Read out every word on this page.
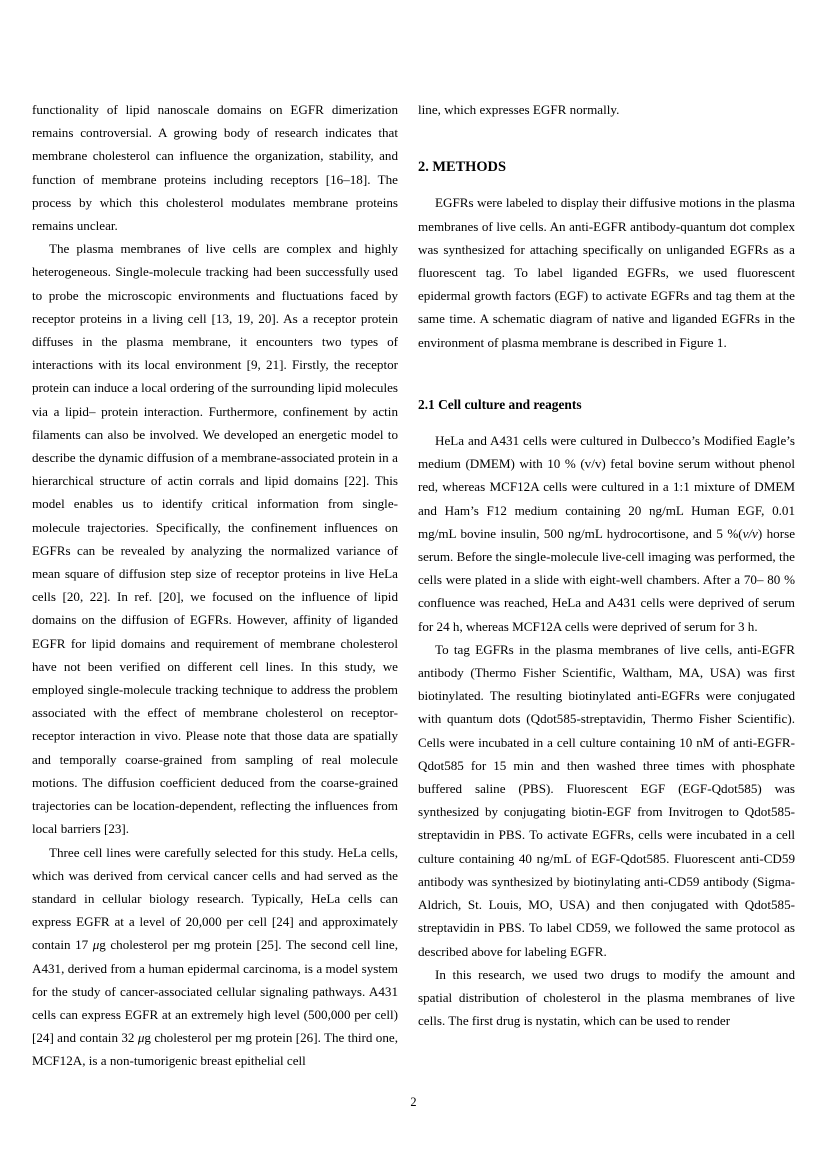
functionality of lipid nanoscale domains on EGFR dimerization remains controversial. A growing body of research indicates that membrane cholesterol can influence the organization, stability, and function of membrane proteins including receptors [16–18]. The process by which this cholesterol modulates membrane proteins remains unclear.

The plasma membranes of live cells are complex and highly heterogeneous. Single-molecule tracking had been successfully used to probe the microscopic environments and fluctuations faced by receptor proteins in a living cell [13, 19, 20]. As a receptor protein diffuses in the plasma membrane, it encounters two types of interactions with its local environment [9, 21]. Firstly, the receptor protein can induce a local ordering of the surrounding lipid molecules via a lipid– protein interaction. Furthermore, confinement by actin filaments can also be involved. We developed an energetic model to describe the dynamic diffusion of a membrane-associated protein in a hierarchical structure of actin corrals and lipid domains [22]. This model enables us to identify critical information from single-molecule trajectories. Specifically, the confinement influences on EGFRs can be revealed by analyzing the normalized variance of mean square of diffusion step size of receptor proteins in live HeLa cells [20, 22]. In ref. [20], we focused on the influence of lipid domains on the diffusion of EGFRs. However, affinity of liganded EGFR for lipid domains and requirement of membrane cholesterol have not been verified on different cell lines. In this study, we employed single-molecule tracking technique to address the problem associated with the effect of membrane cholesterol on receptor-receptor interaction in vivo. Please note that those data are spatially and temporally coarse-grained from sampling of real molecule motions. The diffusion coefficient deduced from the coarse-grained trajectories can be location-dependent, reflecting the influences from local barriers [23].

Three cell lines were carefully selected for this study. HeLa cells, which was derived from cervical cancer cells and had served as the standard in cellular biology research. Typically, HeLa cells can express EGFR at a level of 20,000 per cell [24] and approximately contain 17 μg cholesterol per mg protein [25]. The second cell line, A431, derived from a human epidermal carcinoma, is a model system for the study of cancer-associated cellular signaling pathways. A431 cells can express EGFR at an extremely high level (500,000 per cell) [24] and contain 32 μg cholesterol per mg protein [26]. The third one, MCF12A, is a non-tumorigenic breast epithelial cell

line, which expresses EGFR normally.

2. METHODS

EGFRs were labeled to display their diffusive motions in the plasma membranes of live cells. An anti-EGFR antibody-quantum dot complex was synthesized for attaching specifically on unliganded EGFRs as a fluorescent tag. To label liganded EGFRs, we used fluorescent epidermal growth factors (EGF) to activate EGFRs and tag them at the same time. A schematic diagram of native and liganded EGFRs in the environment of plasma membrane is described in Figure 1.

2.1 Cell culture and reagents

HeLa and A431 cells were cultured in Dulbecco’s Modified Eagle’s medium (DMEM) with 10 % (v/v) fetal bovine serum without phenol red, whereas MCF12A cells were cultured in a 1:1 mixture of DMEM and Ham’s F12 medium containing 20 ng/mL Human EGF, 0.01 mg/mL bovine insulin, 500 ng/mL hydrocortisone, and 5 %(v/v) horse serum. Before the single-molecule live-cell imaging was performed, the cells were plated in a slide with eight-well chambers. After a 70– 80 % confluence was reached, HeLa and A431 cells were deprived of serum for 24 h, whereas MCF12A cells were deprived of serum for 3 h.

To tag EGFRs in the plasma membranes of live cells, anti-EGFR antibody (Thermo Fisher Scientific, Waltham, MA, USA) was first biotinylated. The resulting biotinylated anti-EGFRs were conjugated with quantum dots (Qdot585-streptavidin, Thermo Fisher Scientific). Cells were incubated in a cell culture containing 10 nM of anti-EGFR-Qdot585 for 15 min and then washed three times with phosphate buffered saline (PBS). Fluorescent EGF (EGF-Qdot585) was synthesized by conjugating biotin-EGF from Invitrogen to Qdot585-streptavidin in PBS. To activate EGFRs, cells were incubated in a cell culture containing 40 ng/mL of EGF-Qdot585. Fluorescent anti-CD59 antibody was synthesized by biotinylating anti-CD59 antibody (Sigma-Aldrich, St. Louis, MO, USA) and then conjugated with Qdot585-streptavidin in PBS. To label CD59, we followed the same protocol as described above for labeling EGFR.

In this research, we used two drugs to modify the amount and spatial distribution of cholesterol in the plasma membranes of live cells. The first drug is nystatin, which can be used to render

2
